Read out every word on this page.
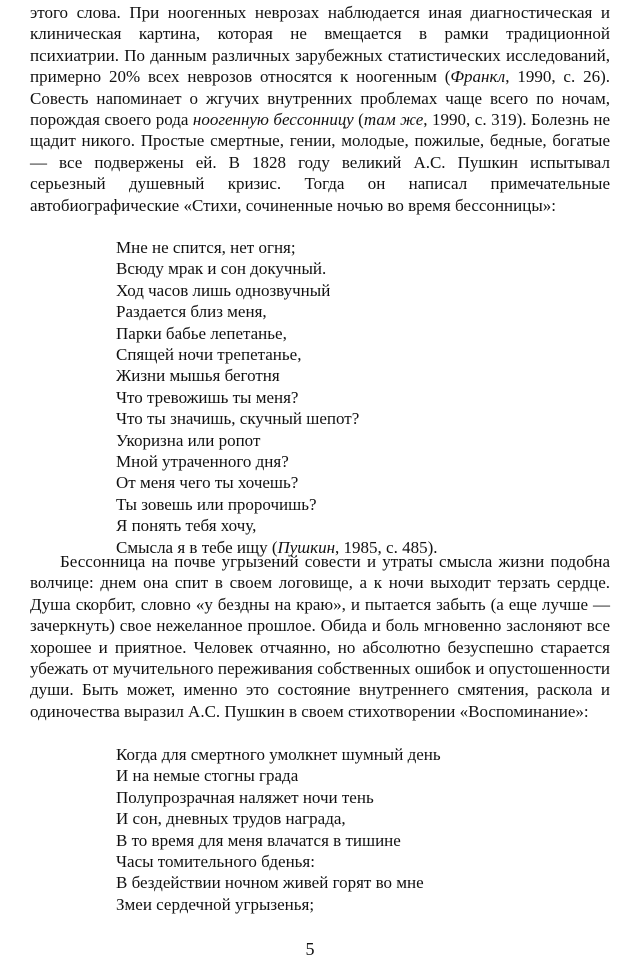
этого слова. При ноогенных неврозах наблюдается иная диагностическая и клиническая картина, которая не вмещается в рамки традиционной психиатрии. По данным различных зарубежных статистических исследований, примерно 20% всех неврозов относятся к ноогенным (Франкл, 1990, с. 26). Совесть напоминает о жгучих внутренних проблемах чаще всего по ночам, порождая своего рода ноогенную бессонницу (там же, 1990, с. 319). Болезнь не щадит никого. Простые смертные, гении, молодые, пожилые, бедные, богатые — все подвержены ей. В 1828 году великий А.С. Пушкин испытывал серьезный душевный кризис. Тогда он написал примечательные автобиографические «Стихи, сочиненные ночью во время бессонницы»:

Мне не спится, нет огня;
Всюду мрак и сон докучный.
Ход часов лишь однозвучный
Раздается близ меня,
Парки бабье лепетанье,
Спящей ночи трепетанье,
Жизни мышья беготня
Что тревожишь ты меня?
Что ты значишь, скучный шепот?
Укоризна или ропот
Мной утраченного дня?
От меня чего ты хочешь?
Ты зовешь или пророчишь?
Я понять тебя хочу,
Смысла я в тебе ищу (Пушкин, 1985, с. 485).

Бессонница на почве угрызений совести и утраты смысла жизни подобна волчице: днем она спит в своем логовище, а к ночи выходит терзать сердце. Душа скорбит, словно «у бездны на краю», и пытается забыть (а еще лучше — зачеркнуть) свое нежеланное прошлое. Обида и боль мгновенно заслоняют все хорошее и приятное. Человек отчаянно, но абсолютно безуспешно старается убежать от мучительного переживания собственных ошибок и опустошенности души. Быть может, именно это состояние внутреннего смятения, раскола и одиночества выразил А.С. Пушкин в своем стихотворении «Воспоминание»:

Когда для смертного умолкнет шумный день
И на немые стогны града
Полупрозрачная наляжет ночи тень
И сон, дневных трудов награда,
В то время для меня влачатся в тишине
Часы томительного бденья:
В бездействии ночном живей горят во мне
Змеи сердечной угрызенья;
5
